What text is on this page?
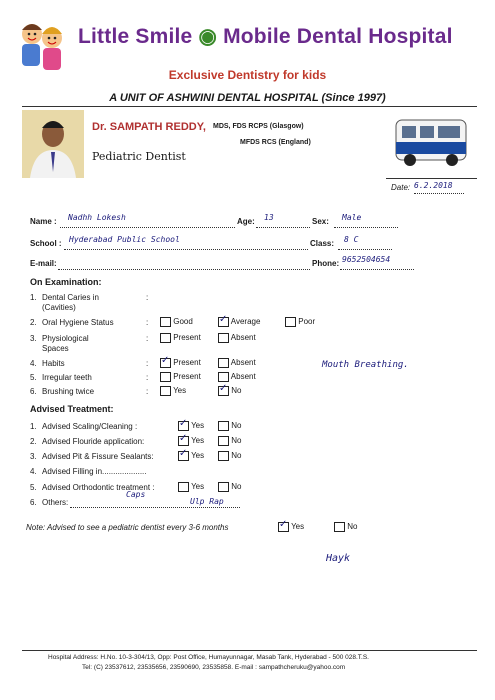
Little Smile ◉ Mobile Dental Hospital
Exclusive Dentistry for kids
A UNIT OF ASHWINI DENTAL HOSPITAL (Since 1997)
Dr. SAMPATH REDDY, MDS, FDS RCPS (Glasgow)
MFDS RCS (England)
Pediatric Dentist
Date: 6.2.2018
Name : Nadhh Lokesh	Age: 13	Sex: Male
School : Hyderabad Public School	Class: 8 C
E-mail:	Phone: 9652504654
On Examination:
1. Dental Caries in
(Cavities)
:
2. Oral Hygiene Status	:	Good ✓	Average	Poor
3. Physiological
Spaces
:	Present	Absent
4. Habits	: ✓	Present	Absent	Mouth Breathing.
5. Irregular teeth	:	Present	Absent
6. Brushing twice	:	Yes ✓	No
Advised Treatment:
1. Advised Scaling/Cleaning : ✓	Yes	No
2. Advised Flouride application: ✓	Yes	No
3. Advised Pit & Fissure Sealants: ✓	Yes	No
4. Advised Filling in....................
5. Advised Orthodontic treatment :	Yes	No
6. Others:
Caps
Ulp Rap
Note: Advised to see a pediatric dentist every 3-6 months ✓	Yes	No
Hayk
Hospital Address: H.No. 10-3-304/13, Opp: Post Office, Humayunnagar, Masab Tank, Hyderabad - 500 028.T.S.
Tel: (C) 23537612, 23535656, 23590690, 23535858. E-mail : sampathcheruku@yahoo.com
